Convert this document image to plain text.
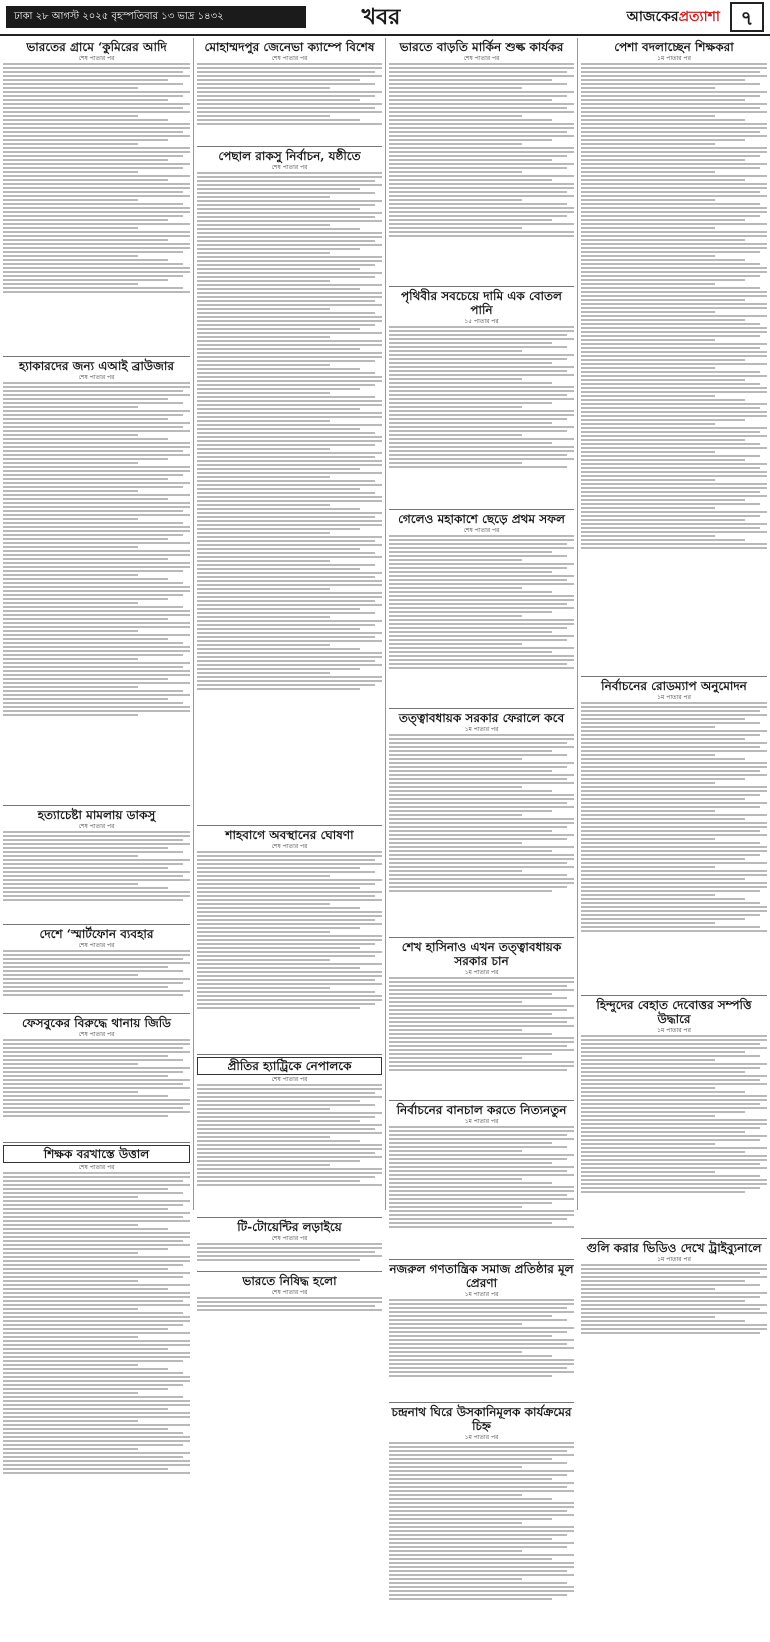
ঢাকা ২৮ আগস্ট ২০২৫ বৃহস্পতিবার ১৩ ভাদ্র ১৪৩২	খবর	আজকেরপ্রত্যাশা	৭
ভারতের গ্রামে ‘কুমিরের আদি
শেষ পাতার পর
হ্যাকারদের জন্য এআই ব্রাউজার
শেষ পাতার পর
হত্যাচেষ্টা মামলায় ডাকসু
শেষ পাতার পর
দেশে ‘স্মার্টফোন ব্যবহার
শেষ পাতার পর
ফেসবুকের বিরুদ্ধে থানায় জিডি
শেষ পাতার পর
শিক্ষক বরখাস্তে উত্তাল
শেষ পাতার পর
মোহাম্মদপুর জেনেভা ক্যাম্পে বিশেষ
শেষ পাতার পর
পেছাল রাকসু নির্বাচন, যষ্ঠীতে
শেষ পাতার পর
শাহবাগে অবস্থানের ঘোষণা
শেষ পাতার পর
প্রীতির হ্যাট্রিকে নেপালকে
শেষ পাতার পর
টি-টোয়েন্টির লড়াইয়ে
শেষ পাতার পর
ভারতে নিষিদ্ধ হলো
শেষ পাতার পর
ভারতে বাড়তি মার্কিন শুল্ক কার্যকর
শেষ পাতার পর
পৃথিবীর সবচেয়ে দামি এক বোতল পানি
১৫ পাতার পর
গেলেও মহাকাশে ছেড়ে প্রথম সফল
শেষ পাতার পর
তত্ত্বাবধায়ক সরকার ফেরালে কবে
১ম পাতার পর
শেখ হাসিনাও এখন তত্ত্বাবধায়ক সরকার চান
১ম পাতার পর
নির্বাচনের বানচাল করতে নিত্যনতুন
১ম পাতার পর
নজরুল গণতান্ত্রিক সমাজ প্রতিষ্ঠার মূল প্রেরণা
১ম পাতার পর
চন্দ্রনাথ ঘিরে উসকানিমূলক কার্যক্রমের চিহ্ন
১ম পাতার পর
পেশা বদলাচ্ছেন শিক্ষকরা
১ম পাতার পর
নির্বাচনের রোডম্যাপ অনুমোদন
১ম পাতার পর
হিন্দুদের বেহাত দেবোত্তর সম্পত্তি উদ্ধারে
১ম পাতার পর
গুলি করার ভিডিও দেখে ট্রাইব্যুনালে
১ম পাতার পর
